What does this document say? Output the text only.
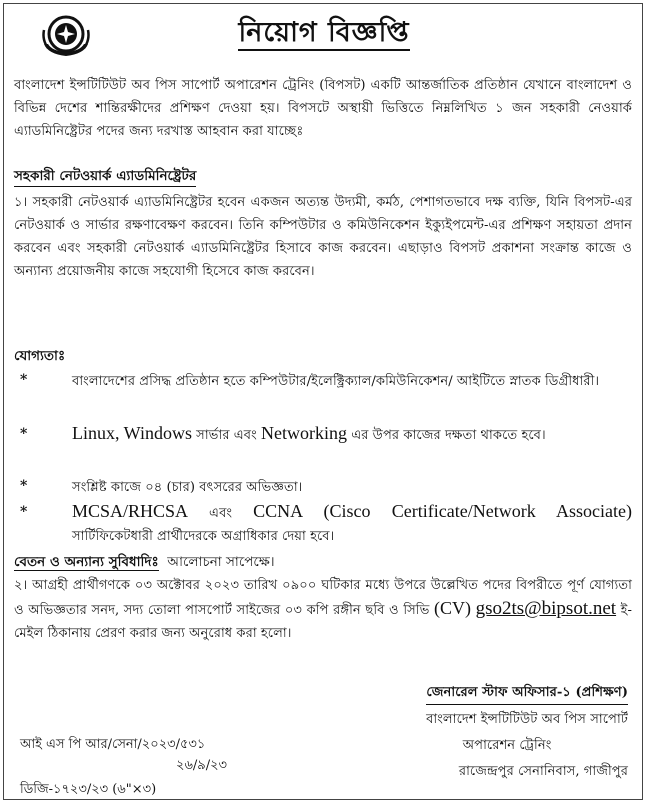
নিয়োগ বিজ্ঞপ্তি

বাংলাদেশ ইন্সটিটিউট অব পিস সাপোর্ট অপারেশন ট্রেনিং (বিপসট) একটি আন্তর্জাতিক প্রতিষ্ঠান যেখানে বাংলাদেশ ও বিভিন্ন দেশের শান্তিরক্ষীদের প্রশিক্ষণ দেওয়া হয়। বিপসটে অস্থায়ী ভিত্তিতে নিম্নলিখিত ১ জন সহকারী নেওয়ার্ক এ্যাডমিনিষ্ট্রেটর পদের জন্য দরখাস্ত আহবান করা যাচ্ছেঃ

সহকারী নেটওয়ার্ক এ্যাডমিনিষ্ট্রেটর

১। সহকারী নেটওয়ার্ক এ্যাডমিনিষ্ট্রেটর হবেন একজন অত্যন্ত উদ্যমী, কর্মঠ, পেশাগতভাবে দক্ষ ব্যক্তি, যিনি বিপসট-এর নেটওয়ার্ক ও সার্ভার রক্ষণাবেক্ষণ করবেন। তিনি কম্পিউটার ও কমিউনিকেশন ইক্যুইপমেন্ট-এর প্রশিক্ষণ সহায়তা প্রদান করবেন এবং সহকারী নেটওয়ার্ক এ্যাডমিনিষ্ট্রেটর হিসাবে কাজ করবেন। এছাড়াও বিপসট প্রকাশনা সংক্রান্ত কাজে ও অন্যান্য প্রয়োজনীয় কাজে সহযোগী হিসেবে কাজ করবেন।

যোগ্যতাঃ
*	বাংলাদেশের প্রসিদ্ধ প্রতিষ্ঠান হতে কম্পিউটার/ইলেক্ট্রিক্যাল/কমিউনিকেশন/ আইটিতে স্নাতক ডিগ্রীধারী।

* Linux, Windows সার্ভার এবং Networking এর উপর কাজের দক্ষতা থাকতে হবে।

*	সংশ্লিষ্ট কাজে ০৪ (চার) বৎসরের অভিজ্ঞতা।

* MCSA/RHCSA এবং CCNA (Cisco Certificate/Network Associate) সার্টিফিকেটধারী প্রার্থীদেরকে অগ্রাধিকার দেয়া হবে।

বেতন ও অন্যান্য সুবিধাদিঃ আলোচনা সাপেক্ষে।

২। আগ্রহী প্রার্থীগণকে ০৩ অক্টোবর ২০২৩ তারিখ ০৯০০ ঘটিকার মধ্যে উপরে উল্লেখিত পদের বিপরীতে পূর্ণ যোগ্যতা ও অভিজ্ঞতার সনদ, সদ্য তোলা পাসপোর্ট সাইজের ০৩ কপি রঙ্গীন ছবি ও সিভি (CV) gso2ts@bipsot.net ই-মেইল ঠিকানায় প্রেরণ করার জন্য অনুরোধ করা হলো।

জেনারেল স্টাফ অফিসার-১ (প্রশিক্ষণ)
বাংলাদেশ ইন্সটিটিউট অব পিস সাপোর্ট
অপারেশন ট্রেনিং
রাজেন্দ্রপুর সেনানিবাস, গাজীপুর
আই এস পি আর/সেনা/২০২৩/৫৩১
২৬/৯/২৩
ডিজি-১৭২৩/২৩ (৬"×৩)
